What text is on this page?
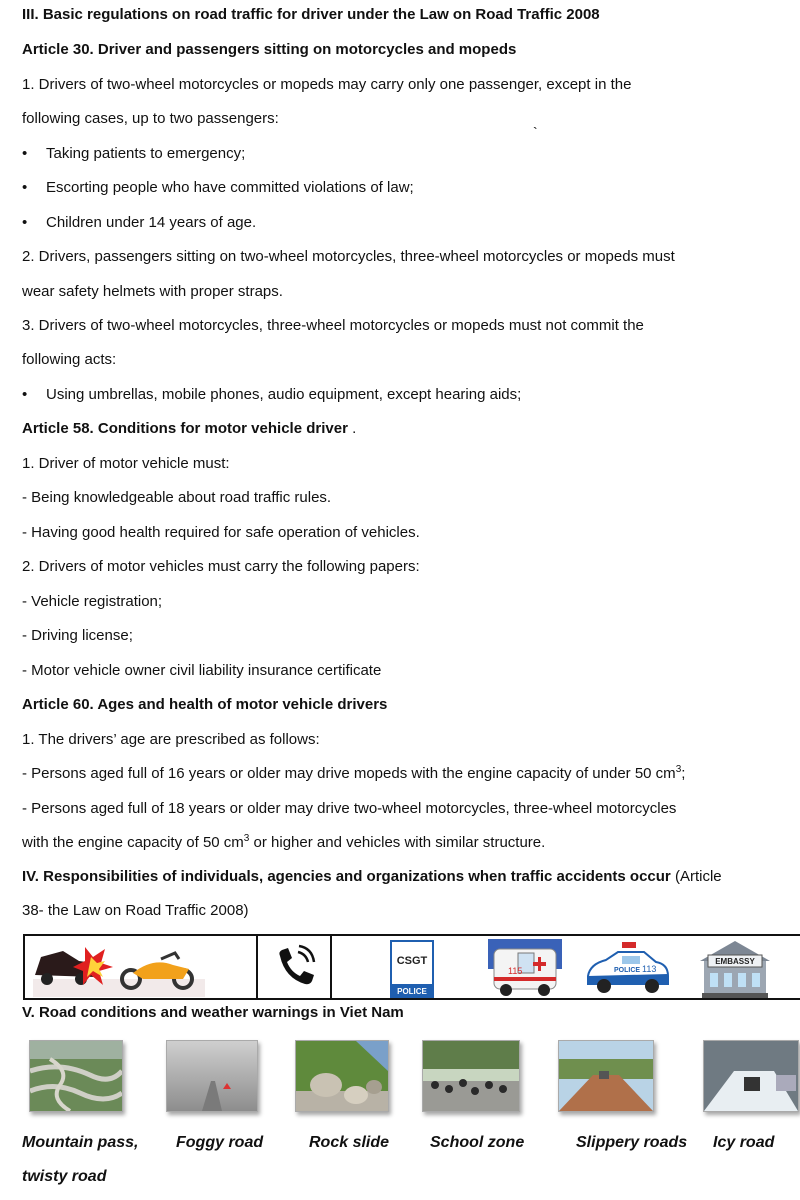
III. Basic regulations on road traffic for driver under the Law on Road Traffic 2008
Article 30. Driver and passengers sitting on motorcycles and mopeds
1. Drivers of two-wheel motorcycles or mopeds may carry only one passenger, except in the
following cases, up to two passengers:
`
• Taking patients to emergency;
• Escorting people who have committed violations of law;
• Children under 14 years of age.
2. Drivers, passengers sitting on two-wheel motorcycles, three-wheel motorcycles or mopeds must
wear safety helmets with proper straps.
3. Drivers of two-wheel motorcycles, three-wheel motorcycles or mopeds must not commit the
following acts:
• Using umbrellas, mobile phones, audio equipment, except hearing aids;
Article 58. Conditions for motor vehicle driver .
1. Driver of motor vehicle must:
- Being knowledgeable about road traffic rules.
- Having good health required for safe operation of vehicles.
2. Drivers of motor vehicles must carry the following papers:
- Vehicle registration;
- Driving license;
- Motor vehicle owner civil liability insurance certificate
Article 60. Ages and health of motor vehicle drivers
1. The drivers’ age are prescribed as follows:
- Persons aged full of 16 years or older may drive mopeds with the engine capacity of under 50 $cm^3$;
- Persons aged full of 18 years or older may drive two-wheel motorcycles, three-wheel motorcycles
with the engine capacity of 50 $cm^3$ or higher and vehicles with similar structure.
IV. Responsibilities of individuals, agencies and organizations when traffic accidents occur (Article
38- the Law on Road Traffic 2008)
CSGT
POLICE
115	POLICE 113
EMBASSY
V. Road conditions and weather warnings in Viet Nam
Mountain pass,
twisty road
Foggy road	Rock slide	School zone	Slippery roads Icy road
